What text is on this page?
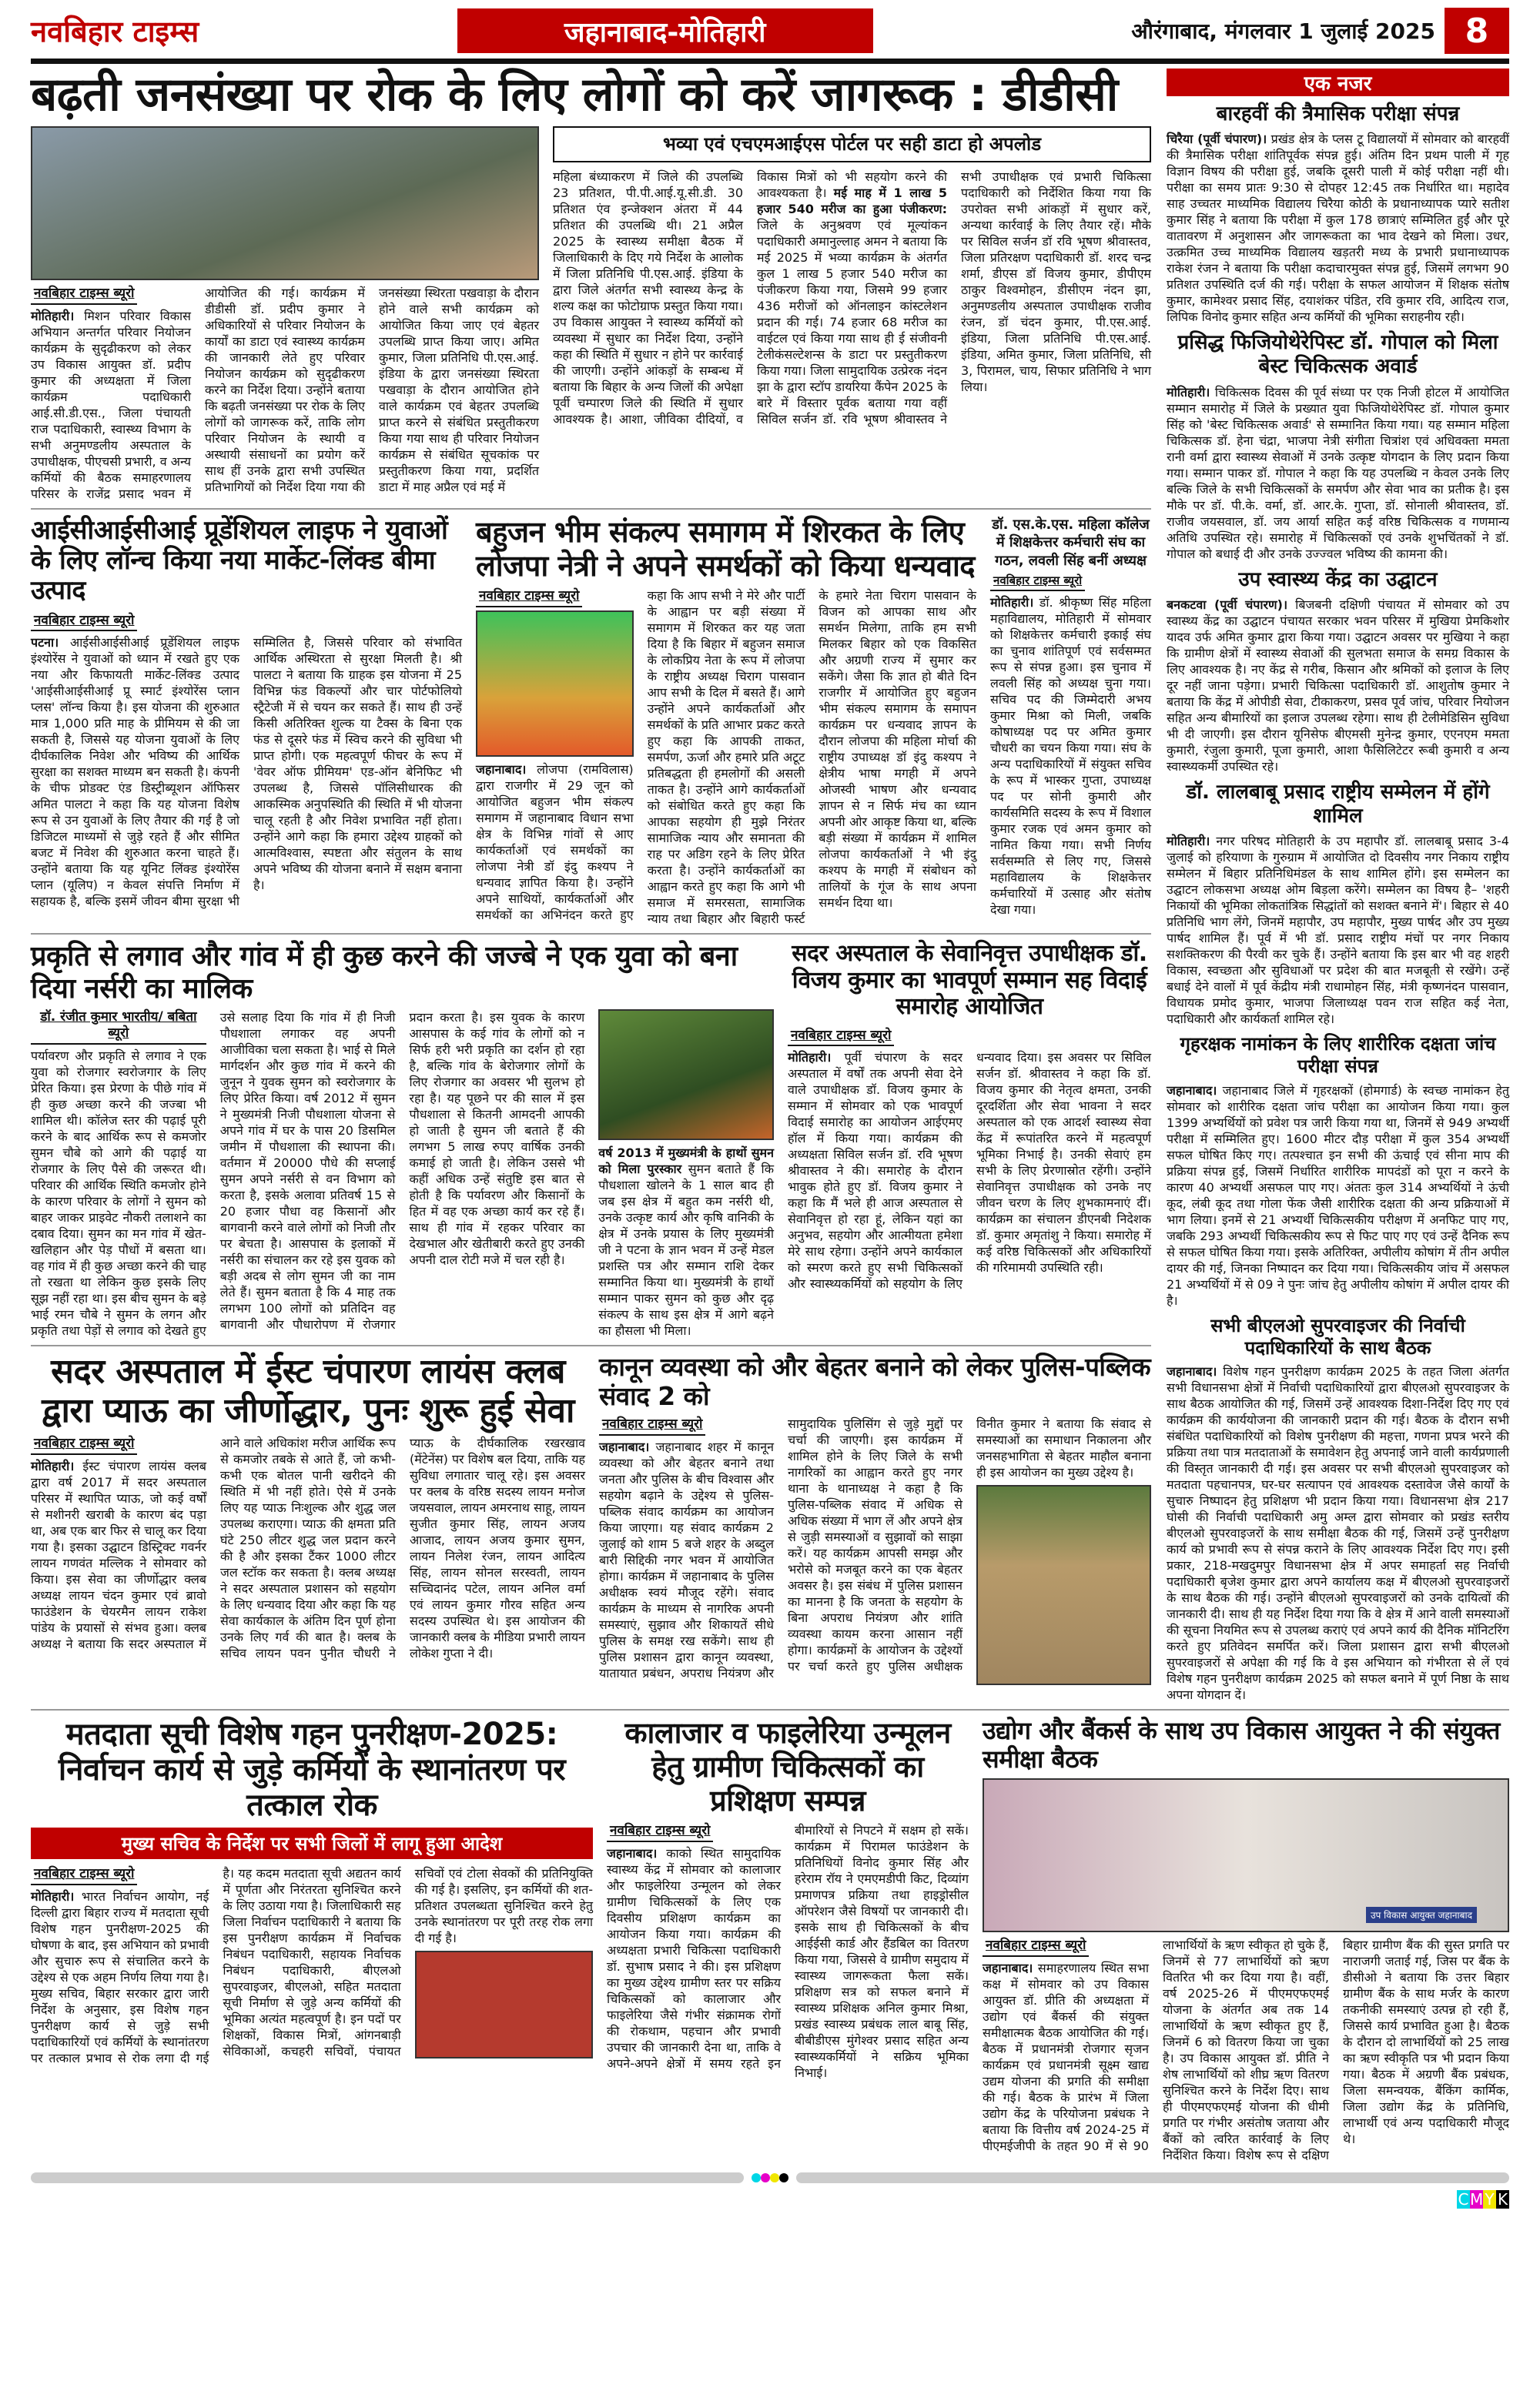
नवबिहार टाइम्स	जहानाबाद-मोतिहारी	औरंगाबाद, मंगलवार 1 जुलाई 2025 8
बढ़ती जनसंख्या पर रोक के लिए लोगों को करें जागरूक : डीडीसी
नवबिहार टाइम्स ब्यूरो
मोतिहारी। मिशन परिवार विकास अभियान अन्तर्गत परिवार नियोजन कार्यक्रम के सुदृढीकरण को लेकर उप विकास आयुक्त डॉ. प्रदीप कुमार की अध्यक्षता में जिला कार्यक्रम पदाधिकारी आई.सी.डी.एस., जिला पंचायती राज पदाधिकारी, स्वास्थ्य विभाग के सभी अनुमण्डलीय अस्पताल के उपाधीक्षक, पीएचसी प्रभारी, व अन्य कर्मियों की बैठक समाहरणालय परिसर के राजेंद्र प्रसाद भवन में आयोजित की गई। कार्यक्रम में डीडीसी डॉ. प्रदीप कुमार ने अधिकारियों से परिवार नियोजन के कार्यों का डाटा एवं स्वास्थ्य कार्यक्रम की जानकारी लेते हुए परिवार नियोजन कार्यक्रम को सुदृढीकरण करने का निर्देश दिया। उन्होंने बताया कि बढ़ती जनसंख्या पर रोक के लिए लोगों को जागरूक करें, ताकि लोग परिवार नियोजन के स्थायी व अस्थायी संसाधनों का प्रयोग करें साथ हीं उनके द्वारा सभी उपस्थित प्रतिभागियों को निर्देश दिया गया की जनसंख्या स्थिरता पखवाड़ा के दौरान होने वाले सभी कार्यक्रम को आयोजित किया जाए एवं बेहतर उपलब्धि प्राप्त किया जाए। अमित कुमार, जिला प्रतिनिधि पी.एस.आई. इंडिया के द्वारा जनसंख्या स्थिरता पखवाड़ा के दौरान आयोजित होने वाले कार्यक्रम एवं बेहतर उपलब्धि प्राप्त करने से संबंधित प्रस्तुतीकरण किया गया साथ ही परिवार नियोजन कार्यक्रम से संबंधित सूचकांक पर प्रस्तुतीकरण किया गया, प्रदर्शित डाटा में माह अप्रैल एवं मई में
भव्या एवं एचएमआईएस पोर्टल पर सही डाटा हो अपलोड
महिला बंध्याकरण में जिले की उपलब्धि 23 प्रतिशत, पी.पी.आई.यू.सी.डी. 30 प्रतिशत एंव इन्जेक्शन अंतरा में 44 प्रतिशत की उपलब्धि थी। 21 अप्रैल 2025 के स्वास्थ्य समीक्षा बैठक में जिलाधिकारी के दिए गये निर्देश के आलोक में जिला प्रतिनिधि पी.एस.आई. इंडिया के द्वारा जिले अंतर्गत सभी स्वास्थ्य केन्द्र के शल्य कक्ष का फोटोग्राफ प्रस्तुत किया गया। उप विकास आयुक्त ने स्वास्थ्य कर्मियों को व्यवस्था में सुधार का निर्देश दिया, उन्होंने कहा की स्थिति में सुधार न होने पर कार्रवाई की जाएगी। उन्होंने आंकड़ों के सम्बन्ध में बताया कि बिहार के अन्य जिलों की अपेक्षा पूर्वी चम्पारण जिले की स्थिति में सुधार आवश्यक है। आशा, जीविका दीदियों, व विकास मित्रों को भी सहयोग करने की आवश्यकता है। मई माह में 1 लाख 5 हजार 540 मरीज का हुआ पंजीकरण: जिले के अनुश्रवण एवं मूल्यांकन पदाधिकारी अमानुल्लाह अमन ने बताया कि मई 2025 में भव्या कार्यक्रम के अंतर्गत कुल 1 लाख 5 हजार 540 मरीज का पंजीकरण किया गया, जिसमे 99 हजार 436 मरीजों को ऑनलाइन कांस्टलेशन प्रदान की गई। 74 हजार 68 मरीज का वाईटल एवं किया गया साथ ही ई संजीवनी टेलीकंसल्टेशन्स के डाटा पर प्रस्तुतीकरण किया गया। जिला सामुदायिक उत्प्रेरक नंदन झा के द्वारा स्टॉप डायरिया कैंपेन 2025 के बारे में विस्तार पूर्वक बताया गया वहीं सिविल सर्जन डॉ. रवि भूषण श्रीवास्तव ने सभी उपाधीक्षक एवं प्रभारी चिकित्सा पदाधिकारी को निर्देशित किया गया कि उपरोक्त सभी आंकड़ों में सुधार करें, अन्यथा कार्रवाई के लिए तैयार रहें। मौके पर सिविल सर्जन डॉ रवि भूषण श्रीवास्तव, जिला प्रतिरक्षण पदाधिकारी डॉ. शरद चन्द्र शर्मा, डीएस डॉ विजय कुमार, डीपीएम ठाकुर विश्वमोहन, डीसीएम नंदन झा, अनुमण्डलीय अस्पताल उपाधीक्षक राजीव रंजन, डॉ चंदन कुमार, पी.एस.आई. इंडिया, जिला प्रतिनिधि पी.एस.आई. इंडिया, अमित कुमार, जिला प्रतिनिधि, सी 3, पिरामल, चाय, सिफार प्रतिनिधि ने भाग लिया।
आईसीआईसीआई प्रूडेंशियल लाइफ ने युवाओं के लिए लॉन्च किया नया मार्केट-लिंक्ड बीमा उत्पाद
नवबिहार टाइम्स ब्यूरो
पटना। आईसीआईसीआई प्रूडेंशियल लाइफ इंश्योरेंस ने युवाओं को ध्यान में रखते हुए एक नया और किफायती मार्केट-लिंक्ड उत्पाद 'आईसीआईसीआई प्रू स्मार्ट इंश्योरेंस प्लान प्लस' लॉन्च किया है। इस योजना की शुरुआत मात्र 1,000 प्रति माह के प्रीमियम से की जा सकती है, जिससे यह योजना युवाओं के लिए दीर्घकालिक निवेश और भविष्य की आर्थिक सुरक्षा का सशक्त माध्यम बन सकती है। कंपनी के चीफ प्रोडक्ट एंड डिस्ट्रीब्यूशन ऑफिसर अमित पालटा ने कहा कि यह योजना विशेष रूप से उन युवाओं के लिए तैयार की गई है जो डिजिटल माध्यमों से जुड़े रहते हैं और सीमित बजट में निवेश की शुरुआत करना चाहते हैं। उन्होंने बताया कि यह यूनिट लिंक्ड इंश्योरेंस प्लान (यूलिप) न केवल संपत्ति निर्माण में सहायक है, बल्कि इसमें जीवन बीमा सुरक्षा भी सम्मिलित है, जिससे परिवार को संभावित आर्थिक अस्थिरता से सुरक्षा मिलती है। श्री पालटा ने बताया कि ग्राहक इस योजना में 25 विभिन्न फंड विकल्पों और चार पोर्टफोलियो स्ट्रैटेजी में से चयन कर सकते हैं। साथ ही उन्हें किसी अतिरिक्त शुल्क या टैक्स के बिना एक फंड से दूसरे फंड में स्विच करने की सुविधा भी प्राप्त होगी। एक महत्वपूर्ण फीचर के रूप में 'वेवर ऑफ प्रीमियम' एड-ऑन बेनिफिट भी उपलब्ध है, जिससे पॉलिसीधारक की आकस्मिक अनुपस्थिति की स्थिति में भी योजना चालू रहती है और निवेश प्रभावित नहीं होता। उन्होंने आगे कहा कि हमारा उद्देश्य ग्राहकों को आत्मविश्वास, स्पष्टता और संतुलन के साथ अपने भविष्य की योजना बनाने में सक्षम बनाना है।
बहुजन भीम संकल्प समागम में शिरकत के लिए लोजपा नेत्री ने अपने समर्थकों को किया धन्यवाद
नवबिहार टाइम्स ब्यूरो

जहानाबाद। लोजपा (रामविलास) द्वारा राजगीर में 29 जून को आयोजित बहुजन भीम संकल्प समागम में जहानाबाद विधान सभा क्षेत्र के विभिन्न गांवों से आए कार्यकर्ताओं एवं समर्थकों का लोजपा नेत्री डॉ इंदु कश्यप ने धन्यवाद ज्ञापित किया है। उन्होंने अपने साथियों, कार्यकर्ताओं और समर्थकों का अभिनंदन करते हुए कहा कि आप सभी ने मेरे और पार्टी के आह्वान पर बड़ी संख्या में समागम में शिरकत कर यह जता दिया है कि बिहार में बहुजन समाज के लोकप्रिय नेता के रूप में लोजपा के राष्ट्रीय अध्यक्ष चिराग पासवान आप सभी के दिल में बसते हैं। आगे उन्होंने अपने कार्यकर्ताओं और समर्थकों के प्रति आभार प्रकट करते हुए कहा कि आपकी ताकत, समर्पण, ऊर्जा और हमारे प्रति अटूट प्रतिबद्धता ही हमलोगों की असली ताकत है। उन्होंने आगे कार्यकर्ताओं को संबोधित करते हुए कहा कि आपका सहयोग ही मुझे निरंतर सामाजिक न्याय और समानता की राह पर अडिग रहने के लिए प्रेरित करता है। उन्होंने कार्यकर्ताओं का आह्वान करते हुए कहा कि आगे भी समाज में समरसता, सामाजिक न्याय तथा बिहार और बिहारी फर्स्ट के हमारे नेता चिराग पासवान के विजन को आपका साथ और समर्थन मिलेगा, ताकि हम सभी मिलकर बिहार को एक विकसित और अग्रणी राज्य में सुमार कर सकेंगे। जैसा कि ज्ञात हो बीते दिन राजगीर में आयोजित हुए बहुजन भीम संकल्प समागम के समापन कार्यक्रम पर धन्यवाद ज्ञापन के दौरान लोजपा की महिला मोर्चा की राष्ट्रीय उपाध्यक्ष डॉ इंदु कश्यप ने क्षेत्रीय भाषा मगही में अपने ओजस्वी भाषण और धन्यवाद ज्ञापन से न सिर्फ मंच का ध्यान अपनी ओर आकृष्ट किया था, बल्कि बड़ी संख्या में कार्यक्रम में शामिल लोजपा कार्यकर्ताओं ने भी इंदु कश्यप के मगही में संबोधन को तालियों के गूंज के साथ अपना समर्थन दिया था।
डॉ. एस.के.एस. महिला कॉलेज में शिक्षकेत्तर कर्मचारी संघ का गठन, लवली सिंह बनीं अध्यक्ष
नवबिहार टाइम्स ब्यूरो
मोतिहारी। डॉ. श्रीकृष्ण सिंह महिला महाविद्यालय, मोतिहारी में सोमवार को शिक्षकेत्तर कर्मचारी इकाई संघ का चुनाव शांतिपूर्ण एवं सर्वसम्मत रूप से संपन्न हुआ। इस चुनाव में लवली सिंह को अध्यक्ष चुना गया। सचिव पद की जिम्मेदारी अभय कुमार मिश्रा को मिली, जबकि कोषाध्यक्ष पद पर अमित कुमार चौधरी का चयन किया गया। संघ के अन्य पदाधिकारियों में संयुक्त सचिव के रूप में भास्कर गुप्ता, उपाध्यक्ष पद पर सोनी कुमारी और कार्यसमिति सदस्य के रूप में विशाल कुमार रजक एवं अमन कुमार को नामित किया गया। सभी निर्णय सर्वसम्मति से लिए गए, जिससे महाविद्यालय के शिक्षकेत्तर कर्मचारियों में उत्साह और संतोष देखा गया।
प्रकृति से लगाव और गांव में ही कुछ करने की जज्बे ने एक युवा को बना दिया नर्सरी का मालिक
डॉ. रंजीत कुमार भारतीय/ बबिता ब्यूरो
पर्यावरण और प्रकृति से लगाव ने एक युवा को रोजगार स्वरोजगार के लिए प्रेरित किया। इस प्रेरणा के पीछे गांव में ही कुछ अच्छा करने की जज्बा भी शामिल थी। कॉलेज स्तर की पढ़ाई पूरी करने के बाद आर्थिक रूप से कमजोर सुमन चौबे को आगे की पढ़ाई या रोजगार के लिए पैसे की जरूरत थी। परिवार की आर्थिक स्थिति कमजोर होने के कारण परिवार के लोगों ने सुमन को बाहर जाकर प्राइवेट नौकरी तलाशने का दबाव दिया। सुमन का मन गांव में खेत-खलिहान और पेड़ पौधों में बसता था। वह गांव में ही कुछ अच्छा करने की चाह तो रखता था लेकिन कुछ इसके लिए सूझ नहीं रहा था। इस बीच सुमन के बड़े भाई रमन चौबे ने सुमन के लगन और प्रकृति तथा पेड़ों से लगाव को देखते हुए उसे सलाह दिया कि गांव में ही निजी पौधशाला लगाकर वह अपनी आजीविका चला सकता है। भाई से मिले मार्गदर्शन और कुछ गांव में करने की जुनून ने युवक सुमन को स्वरोजगार के लिए प्रेरित किया। वर्ष 2012 में सुमन ने मुख्यमंत्री निजी पौधशाला योजना से अपने गांव में घर के पास 20 डिसमिल जमीन में पौधशाला की स्थापना की। वर्तमान में 20000 पौधे की सप्लाई सुमन अपने नर्सरी से वन विभाग को करता है, इसके अलावा प्रतिवर्ष 15 से 20 हजार पौधा वह किसानों और बागवानी करने वाले लोगों को निजी तौर पर बेचता है। आसपास के इलाकों में नर्सरी का संचालन कर रहे इस युवक को बड़ी अदब से लोग सुमन जी का नाम लेते हैं। सुमन बताता है कि 4 माह तक लगभग 100 लोगों को प्रतिदिन वह बागवानी और पौधारोपण में रोजगार प्रदान करता है। इस युवक के कारण आसपास के कई गांव के लोगों को न सिर्फ हरी भरी प्रकृति का दर्शन हो रहा है, बल्कि गांव के बेरोजगार लोगों के लिए रोजगार का अवसर भी सुलभ हो रहा है। यह पूछने पर की साल में इस पौधशाला से कितनी आमदनी आपकी हो जाती है सुमन जी बताते हैं की लगभग 5 लाख रुपए वार्षिक उनकी कमाई हो जाती है। लेकिन उससे भी कहीं अधिक उन्हें संतुष्टि इस बात से होती है कि पर्यावरण और किसानों के हित में वह एक अच्छा कार्य कर रहे हैं। साथ ही गांव में रहकर परिवार का देखभाल और खेतीबारी करते हुए उनकी अपनी दाल रोटी मजे में चल रही है।
वर्ष 2013 में मुख्यमंत्री के हाथों सुमन को मिला पुरस्कार सुमन बताते हैं कि पौधशाला खोलने के 1 साल बाद ही जब इस क्षेत्र में बहुत कम नर्सरी थी, उनके उत्कृष्ट कार्य और कृषि वानिकी के क्षेत्र में उनके प्रयास के लिए मुख्यमंत्री जी ने पटना के ज्ञान भवन में उन्हें मेडल प्रशस्ति पत्र और सम्मान राशि देकर सम्मानित किया था। मुख्यमंत्री के हाथों सम्मान पाकर सुमन को कुछ और दृढ़ संकल्प के साथ इस क्षेत्र में आगे बढ़ने का हौसला भी मिला।
सदर अस्पताल के सेवानिवृत्त उपाधीक्षक डॉ. विजय कुमार का भावपूर्ण सम्मान सह विदाई समारोह आयोजित
नवबिहार टाइम्स ब्यूरो
मोतिहारी। पूर्वी चंपारण के सदर अस्पताल में वर्षों तक अपनी सेवा देने वाले उपाधीक्षक डॉ. विजय कुमार के सम्मान में सोमवार को एक भावपूर्ण विदाई समारोह का आयोजन आईएमए हॉल में किया गया। कार्यक्रम की अध्यक्षता सिविल सर्जन डॉ. रवि भूषण श्रीवास्तव ने की। समारोह के दौरान भावुक होते हुए डॉ. विजय कुमार ने कहा कि मैं भले ही आज अस्पताल से सेवानिवृत्त हो रहा हूं, लेकिन यहां का अनुभव, सहयोग और आत्मीयता हमेशा मेरे साथ रहेगा। उन्होंने अपने कार्यकाल को स्मरण करते हुए सभी चिकित्सकों और स्वास्थ्यकर्मियों को सहयोग के लिए धन्यवाद दिया। इस अवसर पर सिविल सर्जन डॉ. श्रीवास्तव ने कहा कि डॉ. विजय कुमार की नेतृत्व क्षमता, उनकी दूरदर्शिता और सेवा भावना ने सदर अस्पताल को एक आदर्श स्वास्थ्य सेवा केंद्र में रूपांतरित करने में महत्वपूर्ण भूमिका निभाई है। उनकी सेवाएं हम सभी के लिए प्रेरणास्रोत रहेंगी। उन्होंने सेवानिवृत्त उपाधीक्षक को उनके नए जीवन चरण के लिए शुभकामनाएं दीं। कार्यक्रम का संचालन डीएनबी निदेशक डॉ. कुमार अमृतांशु ने किया। समारोह में कई वरिष्ठ चिकित्सकों और अधिकारियों की गरिमामयी उपस्थिति रही।
सदर अस्पताल में ईस्ट चंपारण लायंस क्लब द्वारा प्याऊ का जीर्णोद्धार, पुनः शुरू हुई सेवा
नवबिहार टाइम्स ब्यूरो
मोतिहारी। ईस्ट चंपारण लायंस क्लब द्वारा वर्ष 2017 में सदर अस्पताल परिसर में स्थापित प्याऊ, जो कई वर्षों से मशीनरी खराबी के कारण बंद पड़ा था, अब एक बार फिर से चालू कर दिया गया है। इसका उद्घाटन डिस्ट्रिक्ट गवर्नर लायन गणवंत मल्लिक ने सोमवार को किया। इस सेवा का जीर्णोद्धार क्लब अध्यक्ष लायन चंदन कुमार एवं ब्रावो फाउंडेशन के चेयरमैन लायन राकेश पांडेय के प्रयासों से संभव हुआ। क्लब अध्यक्ष ने बताया कि सदर अस्पताल में आने वाले अधिकांश मरीज आर्थिक रूप से कमजोर तबके से आते हैं, जो कभी-कभी एक बोतल पानी खरीदने की स्थिति में भी नहीं होते। ऐसे में उनके लिए यह प्याऊ निःशुल्क और शुद्ध जल उपलब्ध कराएगा। प्याऊ की क्षमता प्रति घंटे 250 लीटर शुद्ध जल प्रदान करने की है और इसका टैंकर 1000 लीटर जल स्टॉक कर सकता है। क्लब अध्यक्ष ने सदर अस्पताल प्रशासन को सहयोग के लिए धन्यवाद दिया और कहा कि यह सेवा कार्यकाल के अंतिम दिन पूर्ण होना उनके लिए गर्व की बात है। क्लब के सचिव लायन पवन पुनीत चौधरी ने प्याऊ के दीर्घकालिक रखरखाव (मेंटेनेंस) पर विशेष बल दिया, ताकि यह सुविधा लगातार चालू रहे। इस अवसर पर क्लब के वरिष्ठ सदस्य लायन मनोज जयसवाल, लायन अमरनाथ साहू, लायन सुजीत कुमार सिंह, लायन अजय आजाद, लायन अजय कुमार सुमन, लायन निलेश रंजन, लायन आदित्य सिंह, लायन सोनल सरस्वती, लायन सच्चिदानंद पटेल, लायन अनिल वर्मा एवं लायन कुमार गौरव सहित अन्य सदस्य उपस्थित थे। इस आयोजन की जानकारी क्लब के मीडिया प्रभारी लायन लोकेश गुप्ता ने दी।
कानून व्यवस्था को और बेहतर बनाने को लेकर पुलिस-पब्लिक संवाद 2 को
नवबिहार टाइम्स ब्यूरो
जहानाबाद। जहानाबाद शहर में कानून व्यवस्था को और बेहतर बनाने तथा जनता और पुलिस के बीच विश्वास और सहयोग बढ़ाने के उद्देश्य से पुलिस-पब्लिक संवाद कार्यक्रम का आयोजन किया जाएगा। यह संवाद कार्यक्रम 2 जुलाई को शाम 5 बजे शहर के अब्दुल बारी सिद्दिकी नगर भवन में आयोजित होगा। कार्यक्रम में जहानाबाद के पुलिस अधीक्षक स्वयं मौजूद रहेंगे। संवाद कार्यक्रम के माध्यम से नागरिक अपनी समस्याएं, सुझाव और शिकायतें सीधे पुलिस के समक्ष रख सकेंगे। साथ ही पुलिस प्रशासन द्वारा कानून व्यवस्था, यातायात प्रबंधन, अपराध नियंत्रण और सामुदायिक पुलिसिंग से जुड़े मुद्दों पर चर्चा की जाएगी। इस कार्यक्रम में शामिल होने के लिए जिले के सभी नागरिकों का आह्वान करते हुए नगर थाना के थानाध्यक्ष ने कहा है कि पुलिस-पब्लिक संवाद में अधिक से अधिक संख्या में भाग लें और अपने क्षेत्र से जुड़ी समस्याओं व सुझावों को साझा करें। यह कार्यक्रम आपसी समझ और भरोसे को मजबूत करने का एक बेहतर अवसर है। इस संबंध में पुलिस प्रशासन का मानना है कि जनता के सहयोग के बिना अपराध नियंत्रण और शांति व्यवस्था कायम करना आसान नहीं होगा। कार्यक्रमों के आयोजन के उद्देश्यों पर चर्चा करते हुए पुलिस अधीक्षक विनीत कुमार ने बताया कि संवाद से समस्याओं का समाधान निकालना और जनसहभागिता से बेहतर माहौल बनाना ही इस आयोजन का मुख्य उद्देश्य है।
एक नजर
बारहवीं की त्रैमासिक परीक्षा संपन्न
चिरैया (पूर्वी चंपारण)। प्रखंड क्षेत्र के प्लस टू विद्यालयों में सोमवार को बारहवीं की त्रैमासिक परीक्षा शांतिपूर्वक संपन्न हुई। अंतिम दिन प्रथम पाली में गृह विज्ञान विषय की परीक्षा हुई, जबकि दूसरी पाली में कोई परीक्षा नहीं थी। परीक्षा का समय प्रातः 9:30 से दोपहर 12:45 तक निर्धारित था। महादेव साह उच्चतर माध्यमिक विद्यालय चिरैया कोठी के प्रधानाध्यापक प्यारे सतीश कुमार सिंह ने बताया कि परीक्षा में कुल 178 छात्राएं सम्मिलित हुईं और पूरे वातावरण में अनुशासन और जागरूकता का भाव देखने को मिला। उधर, उत्क्रमित उच्च माध्यमिक विद्यालय खड़तरी मध्य के प्रभारी प्रधानाध्यापक राकेश रंजन ने बताया कि परीक्षा कदाचारमुक्त संपन्न हुई, जिसमें लगभग 90 प्रतिशत उपस्थिति दर्ज की गई। परीक्षा के सफल आयोजन में शिक्षक संतोष कुमार, कामेश्वर प्रसाद सिंह, दयाशंकर पंडित, रवि कुमार रवि, आदित्य राज, लिपिक विनोद कुमार सहित अन्य कर्मियों की भूमिका सराहनीय रही।
प्रसिद्ध फिजियोथेरेपिस्ट डॉ. गोपाल को मिला बेस्ट चिकित्सक अवार्ड
मोतिहारी। चिकित्सक दिवस की पूर्व संध्या पर एक निजी होटल में आयोजित सम्मान समारोह में जिले के प्रख्यात युवा फिजियोथेरेपिस्ट डॉ. गोपाल कुमार सिंह को 'बेस्ट चिकित्सक अवार्ड' से सम्मानित किया गया। यह सम्मान महिला चिकित्सक डॉ. हेना चंद्रा, भाजपा नेत्री संगीता चित्रांश एवं अधिवक्ता ममता रानी वर्मा द्वारा स्वास्थ्य सेवाओं में उनके उत्कृष्ट योगदान के लिए प्रदान किया गया। सम्मान पाकर डॉ. गोपाल ने कहा कि यह उपलब्धि न केवल उनके लिए बल्कि जिले के सभी चिकित्सकों के समर्पण और सेवा भाव का प्रतीक है। इस मौके पर डॉ. पी.के. वर्मा, डॉ. आर.के. गुप्ता, डॉ. सोनाली श्रीवास्तव, डॉ. राजीव जयसवाल, डॉ. जय आर्या सहित कई वरिष्ठ चिकित्सक व गणमान्य अतिथि उपस्थित रहे। समारोह में चिकित्सकों एवं उनके शुभचिंतकों ने डॉ. गोपाल को बधाई दी और उनके उज्ज्वल भविष्य की कामना की।
उप स्वास्थ्य केंद्र का उद्घाटन
बनकटवा (पूर्वी चंपारण)। बिजबनी दक्षिणी पंचायत में सोमवार को उप स्वास्थ्य केंद्र का उद्घाटन पंचायत सरकार भवन परिसर में मुखिया प्रेमकिशोर यादव उर्फ अमित कुमार द्वारा किया गया। उद्घाटन अवसर पर मुखिया ने कहा कि ग्रामीण क्षेत्रों में स्वास्थ्य सेवाओं की सुलभता समाज के समग्र विकास के लिए आवश्यक है। नए केंद्र से गरीब, किसान और श्रमिकों को इलाज के लिए दूर नहीं जाना पड़ेगा। प्रभारी चिकित्सा पदाधिकारी डॉ. आशुतोष कुमार ने बताया कि केंद्र में ओपीडी सेवा, टीकाकरण, प्रसव पूर्व जांच, परिवार नियोजन सहित अन्य बीमारियों का इलाज उपलब्ध रहेगा। साथ ही टेलीमेडिसिन सुविधा भी दी जाएगी। इस दौरान यूनिसेफ बीएमसी मुनेन्द्र कुमार, एएनएम ममता कुमारी, रंजुला कुमारी, पूजा कुमारी, आशा फैसिलिटेटर रूबी कुमारी व अन्य स्वास्थ्यकर्मी उपस्थित रहे।
डॉ. लालबाबू प्रसाद राष्ट्रीय सम्मेलन में होंगे शामिल
मोतिहारी। नगर परिषद मोतिहारी के उप महापौर डॉ. लालबाबू प्रसाद 3-4 जुलाई को हरियाणा के गुरुग्राम में आयोजित दो दिवसीय नगर निकाय राष्ट्रीय सम्मेलन में बिहार प्रतिनिधिमंडल के साथ शामिल होंगे। इस सम्मेलन का उद्घाटन लोकसभा अध्यक्ष ओम बिड़ला करेंगे। सम्मेलन का विषय है– 'शहरी निकायों की भूमिका लोकतांत्रिक सिद्धांतों को सशक्त बनाने में'। बिहार से 40 प्रतिनिधि भाग लेंगे, जिनमें महापौर, उप महापौर, मुख्य पार्षद और उप मुख्य पार्षद शामिल हैं। पूर्व में भी डॉ. प्रसाद राष्ट्रीय मंचों पर नगर निकाय सशक्तिकरण की पैरवी कर चुके हैं। उन्होंने बताया कि इस बार भी वह शहरी विकास, स्वच्छता और सुविधाओं पर प्रदेश की बात मजबूती से रखेंगे। उन्हें बधाई देने वालों में पूर्व केंद्रीय मंत्री राधामोहन सिंह, मंत्री कृष्णनंदन पासवान, विधायक प्रमोद कुमार, भाजपा जिलाध्यक्ष पवन राज सहित कई नेता, पदाधिकारी और कार्यकर्ता शामिल रहे।
गृहरक्षक नामांकन के लिए शारीरिक दक्षता जांच परीक्षा संपन्न
जहानाबाद। जहानाबाद जिले में गृहरक्षकों (होमगार्ड) के स्वच्छ नामांकन हेतु सोमवार को शारीरिक दक्षता जांच परीक्षा का आयोजन किया गया। कुल 1399 अभ्यर्थियों को प्रवेश पत्र जारी किया गया था, जिनमें से 949 अभ्यर्थी परीक्षा में सम्मिलित हुए। 1600 मीटर दौड़ परीक्षा में कुल 354 अभ्यर्थी सफल घोषित किए गए। तत्पश्चात इन सभी की ऊंचाई एवं सीना माप की प्रक्रिया संपन्न हुई, जिसमें निर्धारित शारीरिक मापदंडों को पूरा न करने के कारण 40 अभ्यर्थी असफल पाए गए। अंततः कुल 314 अभ्यर्थियों ने ऊंची कूद, लंबी कूद तथा गोला फेंक जैसी शारीरिक दक्षता की अन्य प्रक्रियाओं में भाग लिया। इनमें से 21 अभ्यर्थी चिकित्सकीय परीक्षण में अनफिट पाए गए, जबकि 293 अभ्यर्थी चिकित्सकीय रूप से फिट पाए गए एवं उन्हें दैनिक रूप से सफल घोषित किया गया। इसके अतिरिक्त, अपीलीय कोषांग में तीन अपील दायर की गई, जिनका निष्पादन कर दिया गया। चिकित्सकीय जांच में असफल 21 अभ्यर्थियों में से 09 ने पुनः जांच हेतु अपीलीय कोषांग में अपील दायर की है।
सभी बीएलओ सुपरवाइजर की निर्वाची पदाधिकारियों के साथ बैठक
जहानाबाद। विशेष गहन पुनरीक्षण कार्यक्रम 2025 के तहत जिला अंतर्गत सभी विधानसभा क्षेत्रों में निर्वाची पदाधिकारियों द्वारा बीएलओ सुपरवाइजर के साथ बैठक आयोजित की गई, जिसमें उन्हें आवश्यक दिशा-निर्देश दिए गए एवं कार्यक्रम की कार्ययोजना की जानकारी प्रदान की गई। बैठक के दौरान सभी संबंधित पदाधिकारियों को विशेष पुनरीक्षण की महत्ता, गणना प्रपत्र भरने की प्रक्रिया तथा पात्र मतदाताओं के समावेशन हेतु अपनाई जाने वाली कार्यप्रणाली की विस्तृत जानकारी दी गई। इस अवसर पर सभी बीएलओ सुपरवाइजर को मतदाता पहचानपत्र, घर-घर सत्यापन एवं आवश्यक दस्तावेज जैसे कार्यों के सुचारु निष्पादन हेतु प्रशिक्षण भी प्रदान किया गया। विधानसभा क्षेत्र 217 घोसी की निर्वाची पदाधिकारी अमु अम्ल द्वारा सोमवार को प्रखंड स्तरीय बीएलओ सुपरवाइजरों के साथ समीक्षा बैठक की गई, जिसमें उन्हें पुनरीक्षण कार्य को प्रभावी रूप से संपन्न कराने के लिए आवश्यक निर्देश दिए गए। इसी प्रकार, 218-मखदुमपुर विधानसभा क्षेत्र में अपर समाहर्ता सह निर्वाची पदाधिकारी बृजेश कुमार द्वारा अपने कार्यालय कक्ष में बीएलओ सुपरवाइजरों के साथ बैठक की गई। उन्होंने बीएलओ सुपरवाइजरों को उनके दायित्वों की जानकारी दी। साथ ही यह निर्देश दिया गया कि वे क्षेत्र में आने वाली समस्याओं की सूचना नियमित रूप से उपलब्ध कराएं एवं अपने कार्य की दैनिक मॉनिटरिंग करते हुए प्रतिवेदन समर्पित करें। जिला प्रशासन द्वारा सभी बीएलओ सुपरवाइजरों से अपेक्षा की गई कि वे इस अभियान को गंभीरता से लें एवं विशेष गहन पुनरीक्षण कार्यक्रम 2025 को सफल बनाने में पूर्ण निष्ठा के साथ अपना योगदान दें।
मतदाता सूची विशेष गहन पुनरीक्षण-2025: निर्वाचन कार्य से जुड़े कर्मियों के स्थानांतरण पर तत्काल रोक
मुख्य सचिव के निर्देश पर सभी जिलों में लागू हुआ आदेश
नवबिहार टाइम्स ब्यूरो
मोतिहारी। भारत निर्वाचन आयोग, नई दिल्ली द्वारा बिहार राज्य में मतदाता सूची विशेष गहन पुनरीक्षण-2025 की घोषणा के बाद, इस अभियान को प्रभावी और सुचारु रूप से संचालित करने के उद्देश्य से एक अहम निर्णय लिया गया है। मुख्य सचिव, बिहार सरकार द्वारा जारी निर्देश के अनुसार, इस विशेष गहन पुनरीक्षण कार्य से जुड़े सभी पदाधिकारियों एवं कर्मियों के स्थानांतरण पर तत्काल प्रभाव से रोक लगा दी गई है। यह कदम मतदाता सूची अद्यतन कार्य में पूर्णता और निरंतरता सुनिश्चित करने के लिए उठाया गया है। जिलाधिकारी सह जिला निर्वाचन पदाधिकारी ने बताया कि इस पुनरीक्षण कार्यक्रम में निर्वाचक निबंधन पदाधिकारी, सहायक निर्वाचक निबंधन पदाधिकारी, बीएलओ सुपरवाइजर, बीएलओ, सहित मतदाता सूची निर्माण से जुड़े अन्य कर्मियों की भूमिका अत्यंत महत्वपूर्ण है। इन पदों पर शिक्षकों, विकास मित्रों, आंगनबाड़ी सेविकाओं, कचहरी सचिवों, पंचायत सचिवों एवं टोला सेवकों की प्रतिनियुक्ति की गई है। इसलिए, इन कर्मियों की शत-प्रतिशत उपलब्धता सुनिश्चित करने हेतु उनके स्थानांतरण पर पूरी तरह रोक लगा दी गई है।
कालाजार व फाइलेरिया उन्मूलन हेतु ग्रामीण चिकित्सकों का प्रशिक्षण सम्पन्न
नवबिहार टाइम्स ब्यूरो
जहानाबाद। काको स्थित सामुदायिक स्वास्थ्य केंद्र में सोमवार को कालाजार और फाइलेरिया उन्मूलन को लेकर ग्रामीण चिकित्सकों के लिए एक दिवसीय प्रशिक्षण कार्यक्रम का आयोजन किया गया। कार्यक्रम की अध्यक्षता प्रभारी चिकित्सा पदाधिकारी डॉ. सुभाष प्रसाद ने की। इस प्रशिक्षण का मुख्य उद्देश्य ग्रामीण स्तर पर सक्रिय चिकित्सकों को कालाजार और फाइलेरिया जैसे गंभीर संक्रामक रोगों की रोकथाम, पहचान और प्रभावी उपचार की जानकारी देना था, ताकि वे अपने-अपने क्षेत्रों में समय रहते इन बीमारियों से निपटने में सक्षम हो सकें। कार्यक्रम में पिरामल फाउंडेशन के प्रतिनिधियों विनोद कुमार सिंह और हरेराम रॉय ने एमएमडीपी किट, दिव्यांग प्रमाणपत्र प्रक्रिया तथा हाइड्रोसील ऑपरेशन जैसे विषयों पर जानकारी दी। इसके साथ ही चिकित्सकों के बीच आईईसी कार्ड और हैंडबिल का वितरण किया गया, जिससे वे ग्रामीण समुदाय में स्वास्थ्य जागरूकता फैला सकें। प्रशिक्षण सत्र को सफल बनाने में स्वास्थ्य प्रशिक्षक अनिल कुमार मिश्रा, प्रखंड स्वास्थ्य प्रबंधक लाल बाबू सिंह, बीबीडीएस मुंगेश्वर प्रसाद सहित अन्य स्वास्थ्यकर्मियों ने सक्रिय भूमिका निभाई।
उद्योग और बैंकर्स के साथ उप विकास आयुक्त ने की संयुक्त समीक्षा बैठक
उप विकास आयुक्त जहानाबाद
नवबिहार टाइम्स ब्यूरो
जहानाबाद। समाहरणालय स्थित सभा कक्ष में सोमवार को उप विकास आयुक्त डॉ. प्रीति की अध्यक्षता में उद्योग एवं बैंकर्स की संयुक्त समीक्षात्मक बैठक आयोजित की गई। बैठक में प्रधानमंत्री रोजगार सृजन कार्यक्रम एवं प्रधानमंत्री सूक्ष्म खाद्य उद्यम योजना की प्रगति की समीक्षा की गई। बैठक के प्रारंभ में जिला उद्योग केंद्र के परियोजना प्रबंधक ने बताया कि वित्तीय वर्ष 2024-25 में पीएमईजीपी के तहत 90 में से 90 लाभार्थियों के ऋण स्वीकृत हो चुके हैं, जिनमें से 77 लाभार्थियों को ऋण वितरित भी कर दिया गया है। वहीं, वर्ष 2025-26 में पीएमएफएमई योजना के अंतर्गत अब तक 14 लाभार्थियों के ऋण स्वीकृत हुए हैं, जिनमें 6 को वितरण किया जा चुका है। उप विकास आयुक्त डॉ. प्रीति ने शेष लाभार्थियों को शीघ्र ऋण वितरण सुनिश्चित करने के निर्देश दिए। साथ ही पीएमएफएमई योजना की धीमी प्रगति पर गंभीर असंतोष जताया और बैंकों को त्वरित कार्रवाई के लिए निर्देशित किया। विशेष रूप से दक्षिण बिहार ग्रामीण बैंक की सुस्त प्रगति पर नाराजगी जताई गई, जिस पर बैंक के डीसीओ ने बताया कि उत्तर बिहार ग्रामीण बैंक के साथ मर्जर के कारण तकनीकी समस्याएं उत्पन्न हो रही हैं, जिससे कार्य प्रभावित हुआ है। बैठक के दौरान दो लाभार्थियों को 25 लाख का ऋण स्वीकृति पत्र भी प्रदान किया गया। बैठक में अग्रणी बैंक प्रबंधक, जिला समन्वयक, बैंकिंग कार्मिक, जिला उद्योग केंद्र के प्रतिनिधि, लाभार्थी एवं अन्य पदाधिकारी मौजूद थे।
C M Y K
